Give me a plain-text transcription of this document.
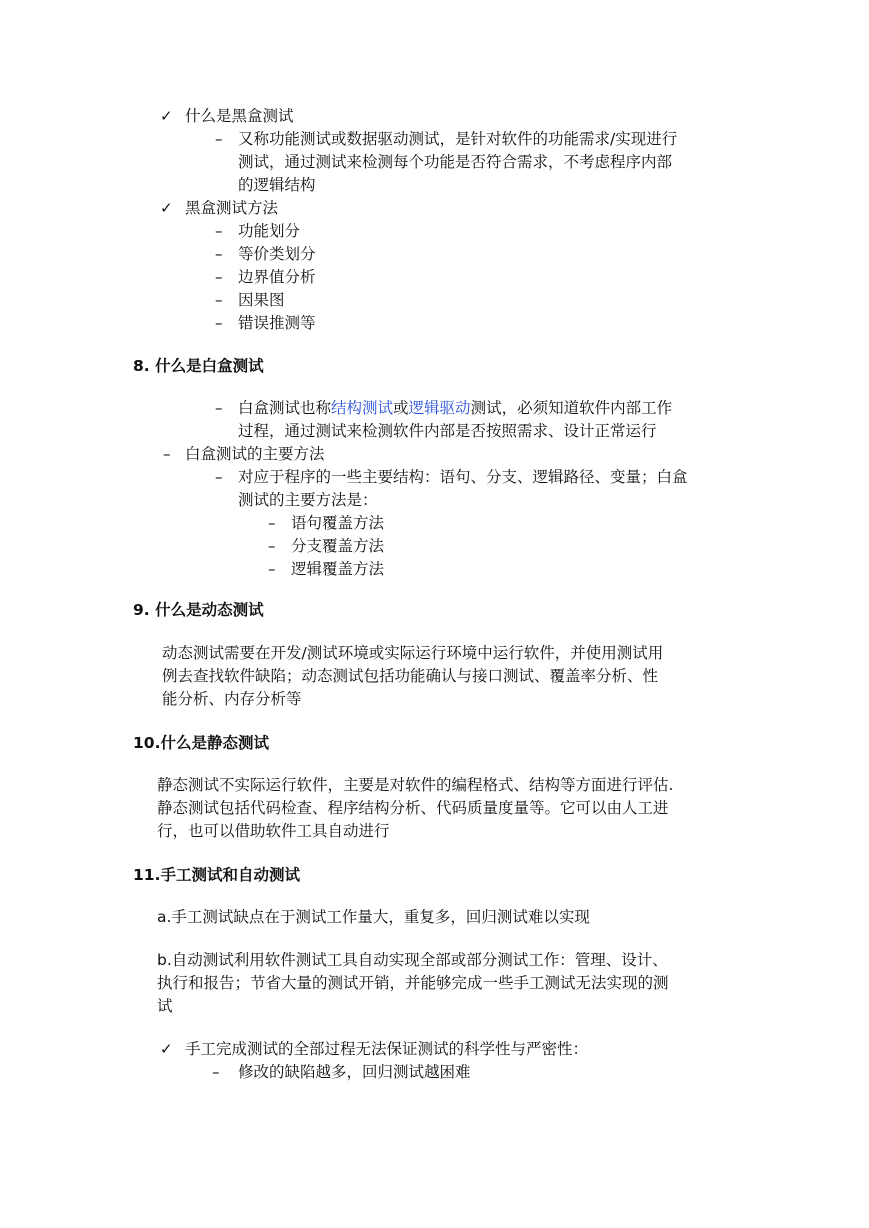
✓ 什么是黑盒测试
– 又称功能测试或数据驱动测试，是针对软件的功能需求/实现进行
测试，通过测试来检测每个功能是否符合需求，不考虑程序内部
的逻辑结构
✓ 黑盒测试方法
– 功能划分
– 等价类划分
– 边界值分析
– 因果图
– 错误推测等
8. 什么是白盒测试
– 白盒测试也称结构测试或逻辑驱动测试，必须知道软件内部工作
过程，通过测试来检测软件内部是否按照需求、设计正常运行
– 白盒测试的主要方法
– 对应于程序的一些主要结构：语句、分支、逻辑路径、变量；白盒
测试的主要方法是：
– 语句覆盖方法
– 分支覆盖方法
– 逻辑覆盖方法
9. 什么是动态测试
动态测试需要在开发/测试环境或实际运行环境中运行软件，并使用测试用
例去查找软件缺陷；动态测试包括功能确认与接口测试、覆盖率分析、性
能分析、内存分析等
10.什么是静态测试
静态测试不实际运行软件，主要是对软件的编程格式、结构等方面进行评估.
静态测试包括代码检查、程序结构分析、代码质量度量等。它可以由人工进
行，也可以借助软件工具自动进行
11.手工测试和自动测试
a.手工测试缺点在于测试工作量大，重复多，回归测试难以实现
b.自动测试利用软件测试工具自动实现全部或部分测试工作：管理、设计、
执行和报告；节省大量的测试开销，并能够完成一些手工测试无法实现的测
试
✓ 手工完成测试的全部过程无法保证测试的科学性与严密性：
– 修改的缺陷越多，回归测试越困难
